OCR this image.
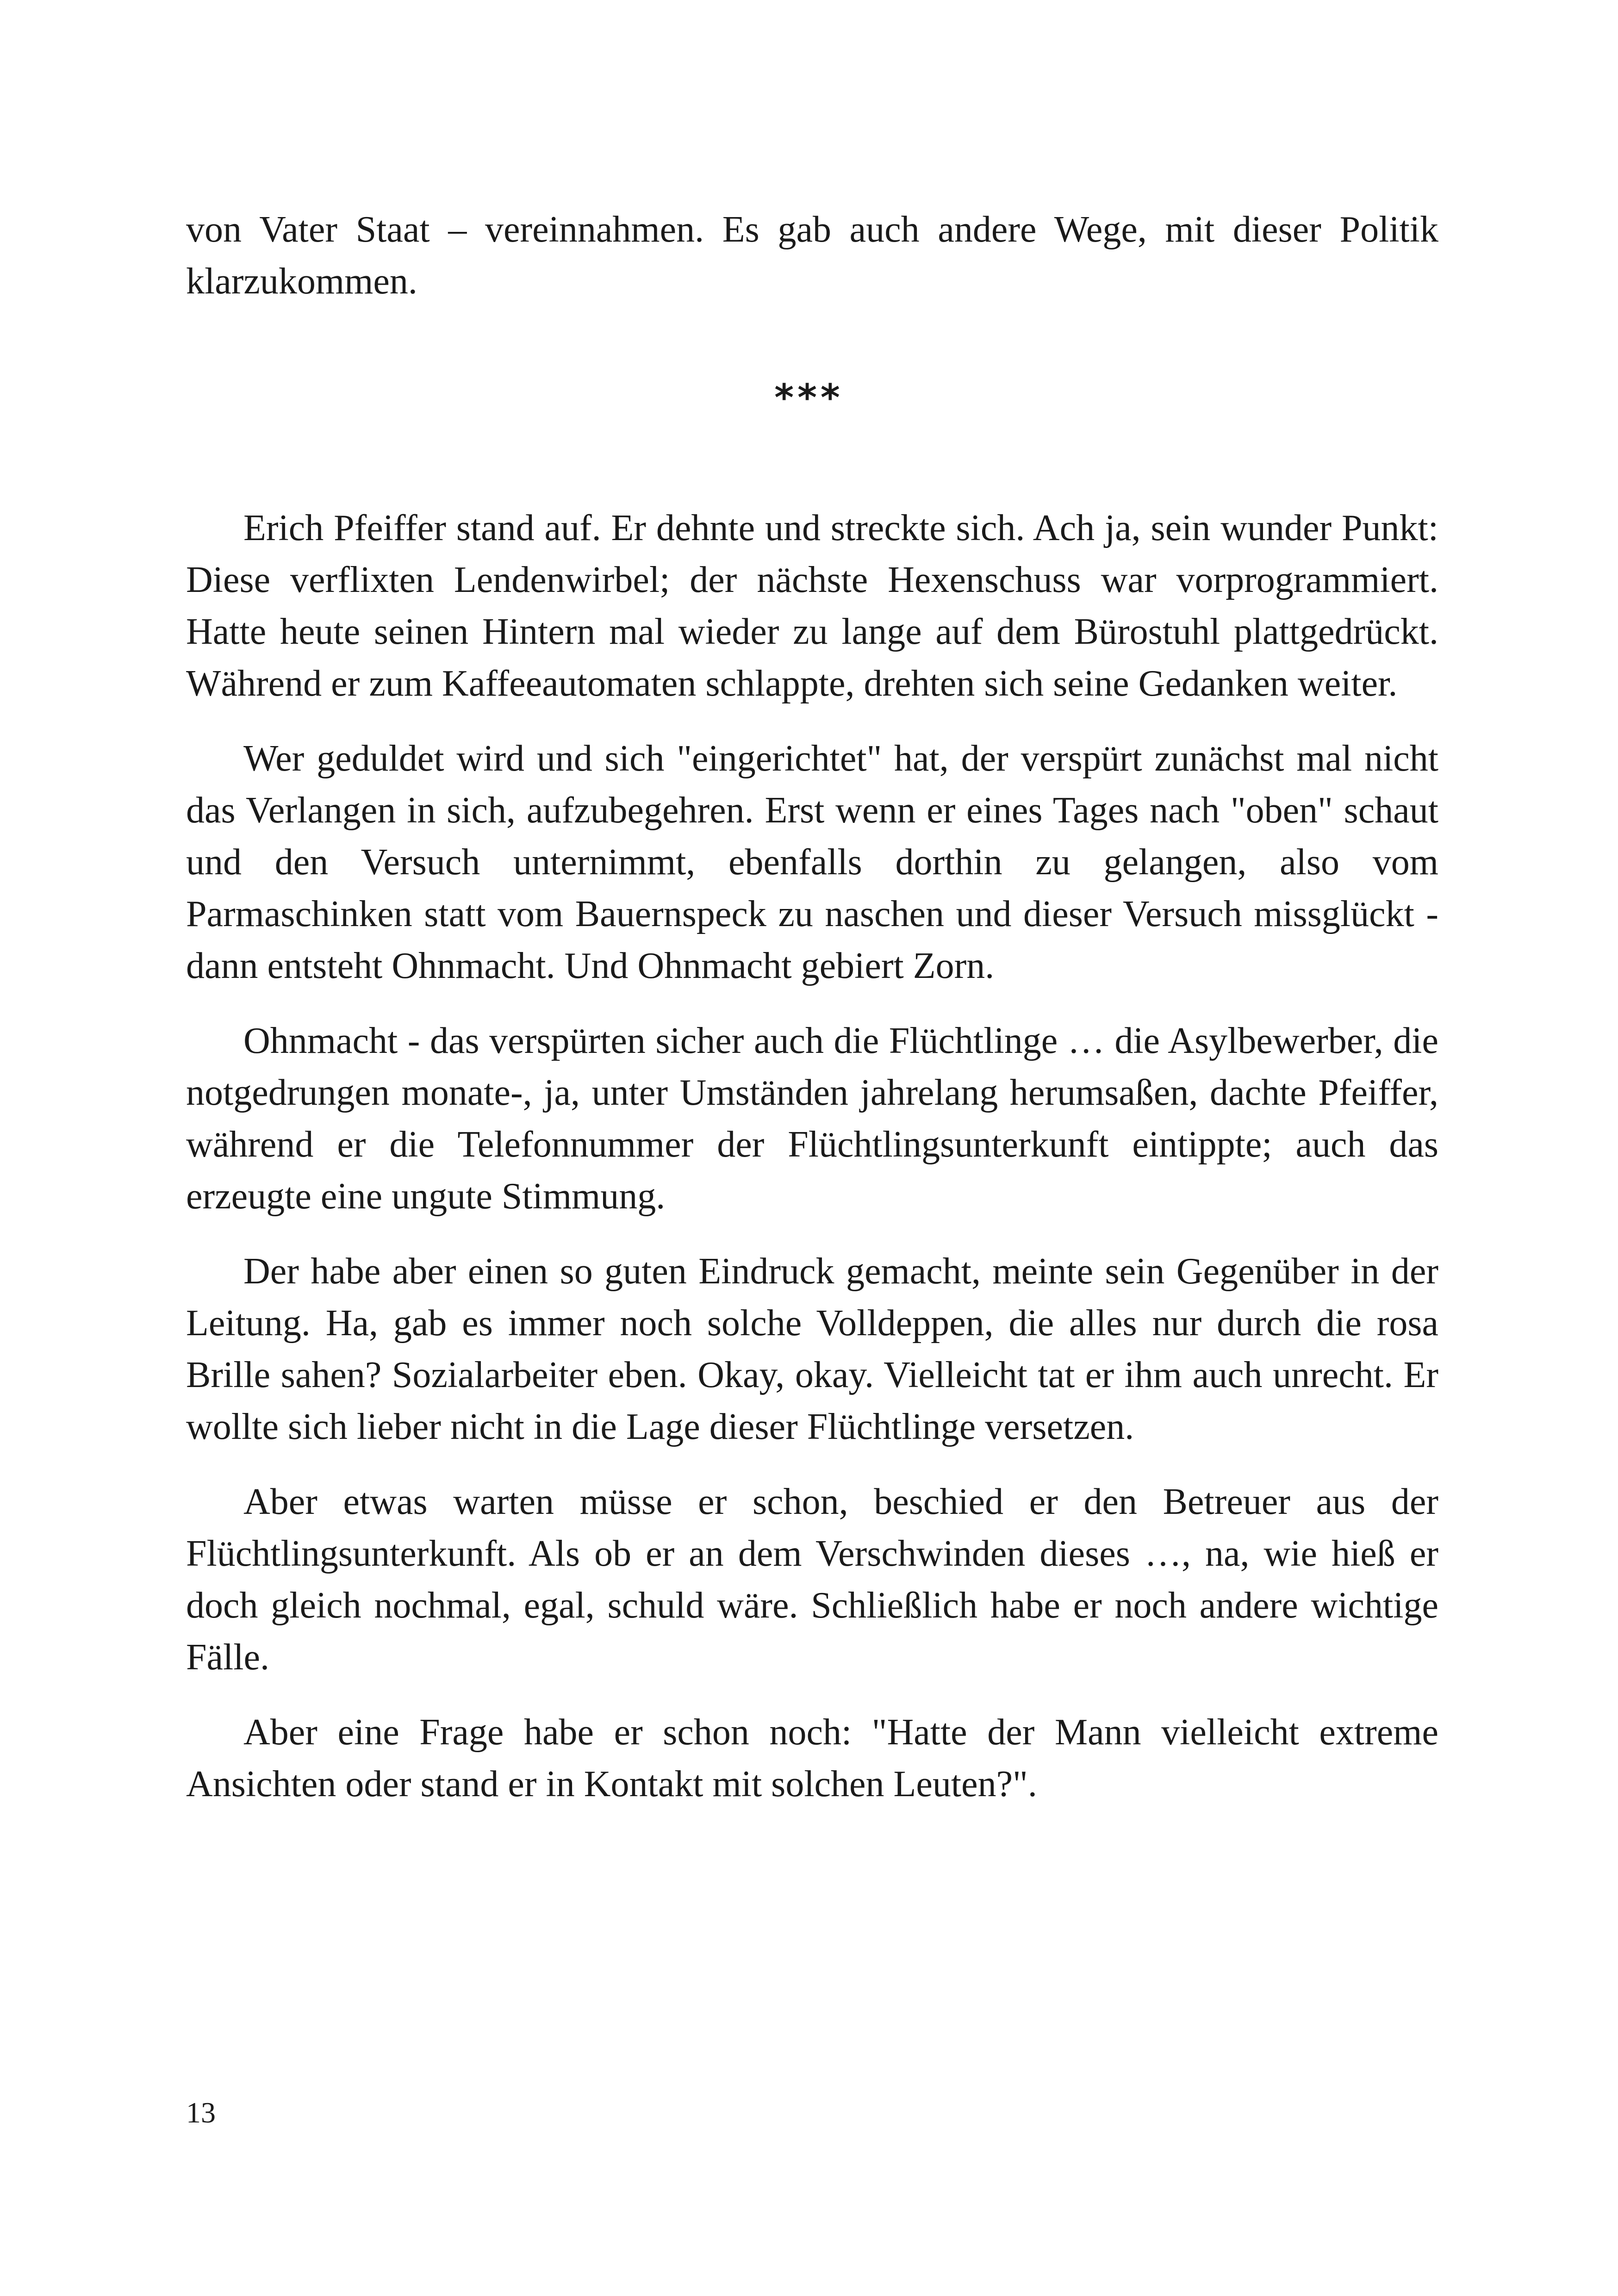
von Vater Staat – vereinnahmen. Es gab auch andere Wege, mit dieser Politik klarzukommen.

***

Erich Pfeiffer stand auf. Er dehnte und streckte sich. Ach ja, sein wunder Punkt: Diese verflixten Lendenwirbel; der nächste Hexenschuss war vorprogrammiert. Hatte heute seinen Hintern mal wieder zu lange auf dem Bürostuhl plattgedrückt. Während er zum Kaffeeautomaten schlappte, drehten sich seine Gedanken weiter.

Wer geduldet wird und sich "eingerichtet" hat, der verspürt zunächst mal nicht das Verlangen in sich, aufzubegehren. Erst wenn er eines Tages nach "oben" schaut und den Versuch unternimmt, ebenfalls dorthin zu gelangen, also vom Parmaschinken statt vom Bauernspeck zu naschen und dieser Versuch missglückt - dann entsteht Ohnmacht. Und Ohnmacht gebiert Zorn.

Ohnmacht - das verspürten sicher auch die Flüchtlinge … die Asylbewerber, die notgedrungen monate-, ja, unter Umständen jahrelang herumsaßen, dachte Pfeiffer, während er die Telefonnummer der Flüchtlingsunterkunft eintippte; auch das erzeugte eine ungute Stimmung.

Der habe aber einen so guten Eindruck gemacht, meinte sein Gegenüber in der Leitung. Ha, gab es immer noch solche Volldeppen, die alles nur durch die rosa Brille sahen? Sozialarbeiter eben. Okay, okay. Vielleicht tat er ihm auch unrecht. Er wollte sich lieber nicht in die Lage dieser Flüchtlinge versetzen.

Aber etwas warten müsse er schon, beschied er den Betreuer aus der Flüchtlingsunterkunft. Als ob er an dem Verschwinden dieses …, na, wie hieß er doch gleich nochmal, egal, schuld wäre. Schließlich habe er noch andere wichtige Fälle.

Aber eine Frage habe er schon noch: "Hatte der Mann vielleicht extreme Ansichten oder stand er in Kontakt mit solchen Leuten?".

13
